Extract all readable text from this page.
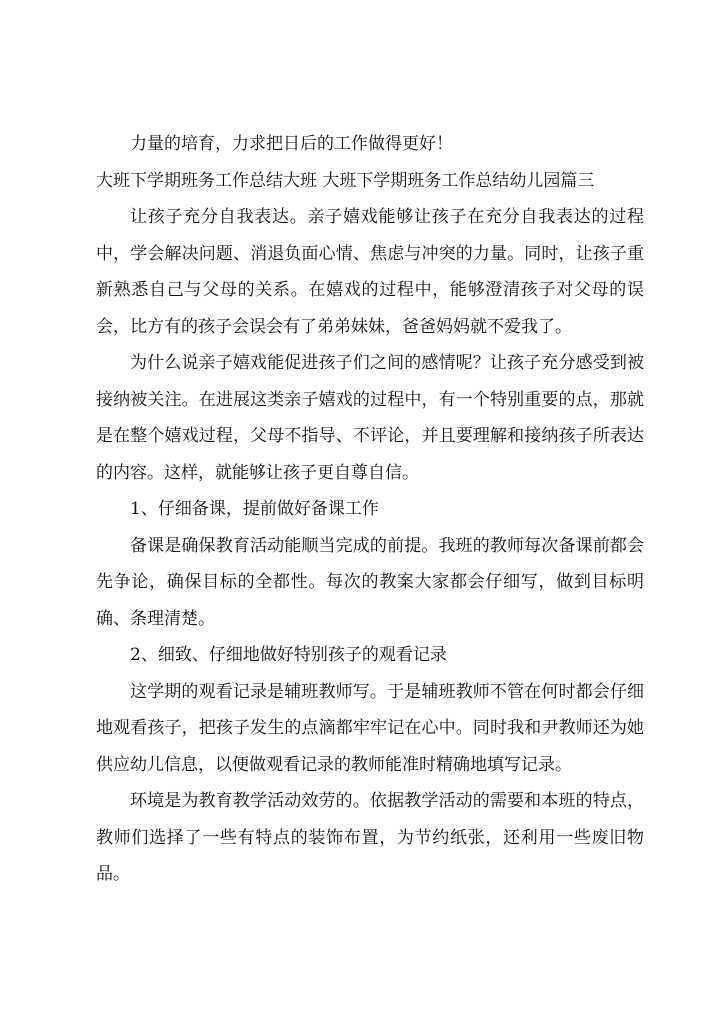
力量的培育，力求把日后的工作做得更好！

大班下学期班务工作总结大班 大班下学期班务工作总结幼儿园篇三

让孩子充分自我表达。亲子嬉戏能够让孩子在充分自我表达的过程中，学会解决问题、消退负面心情、焦虑与冲突的力量。同时，让孩子重新熟悉自己与父母的关系。在嬉戏的过程中，能够澄清孩子对父母的误会，比方有的孩子会误会有了弟弟妹妹，爸爸妈妈就不爱我了。

为什么说亲子嬉戏能促进孩子们之间的感情呢？让孩子充分感受到被接纳被关注。在进展这类亲子嬉戏的过程中，有一个特别重要的点，那就是在整个嬉戏过程，父母不指导、不评论，并且要理解和接纳孩子所表达的内容。这样，就能够让孩子更自尊自信。

1、仔细备课，提前做好备课工作

备课是确保教育活动能顺当完成的前提。我班的教师每次备课前都会先争论，确保目标的全都性。每次的教案大家都会仔细写，做到目标明确、条理清楚。

2、细致、仔细地做好特别孩子的观看记录

这学期的观看记录是辅班教师写。于是辅班教师不管在何时都会仔细地观看孩子，把孩子发生的点滴都牢牢记在心中。同时我和尹教师还为她供应幼儿信息，以便做观看记录的教师能准时精确地填写记录。

环境是为教育教学活动效劳的。依据教学活动的需要和本班的特点，教师们选择了一些有特点的装饰布置，为节约纸张，还利用一些废旧物品。
